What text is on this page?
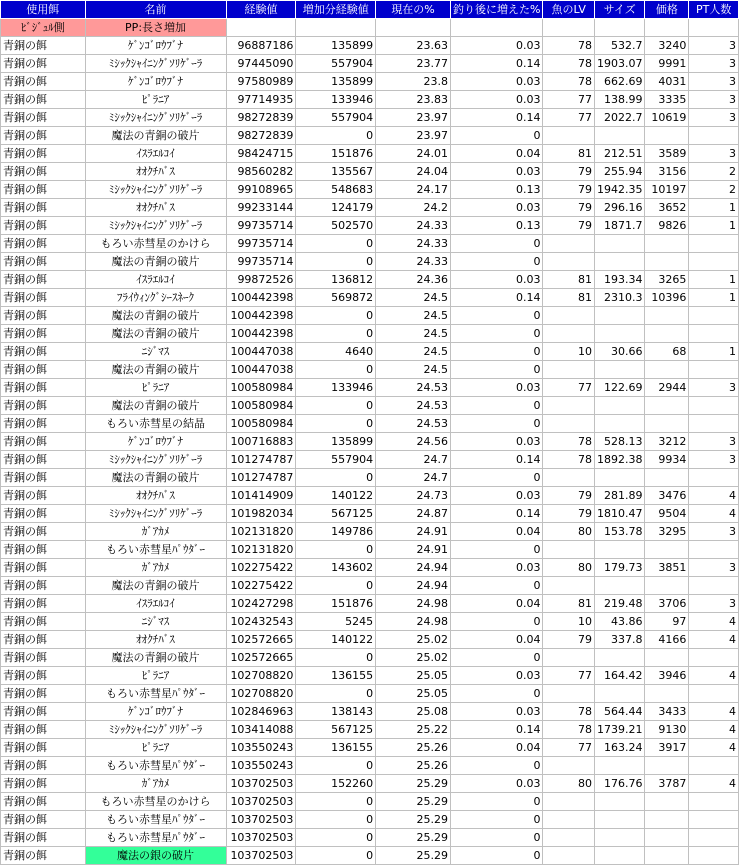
使用餌	名前	経験値	増加分経験値	現在の%	釣り後に増えた%	魚のLV	サイズ	価格	PT人数
ﾋﾞｼﾞｭﾙ側	PP:長さ増加								
青銅の餌	ｹﾞﾝｺﾞﾛｳﾌﾞﾅ	96887186	135899	23.63	0.03	78	532.7	3240	3
青銅の餌	ﾐｼｯｸｼｬｲﾆﾝｸﾞｿﾘｹﾞｰﾗ	97445090	557904	23.77	0.14	78	1903.07	9991	3
青銅の餌	ｹﾞﾝｺﾞﾛｳﾌﾞﾅ	97580989	135899	23.8	0.03	78	662.69	4031	3
青銅の餌	ﾋﾟﾗﾆｱ	97714935	133946	23.83	0.03	77	138.99	3335	3
青銅の餌	ﾐｼｯｸｼｬｲﾆﾝｸﾞｿﾘｹﾞｰﾗ	98272839	557904	23.97	0.14	77	2022.7	10619	3
青銅の餌	魔法の青銅の破片	98272839	0	23.97	0				
青銅の餌	ｲｽﾗｴﾙｺｲ	98424715	151876	24.01	0.04	81	212.51	3589	3
青銅の餌	ｵｵｸﾁﾊﾞｽ	98560282	135567	24.04	0.03	79	255.94	3156	2
青銅の餌	ﾐｼｯｸｼｬｲﾆﾝｸﾞｿﾘｹﾞｰﾗ	99108965	548683	24.17	0.13	79	1942.35	10197	2
青銅の餌	ｵｵｸﾁﾊﾞｽ	99233144	124179	24.2	0.03	79	296.16	3652	1
青銅の餌	ﾐｼｯｸｼｬｲﾆﾝｸﾞｿﾘｹﾞｰﾗ	99735714	502570	24.33	0.13	79	1871.7	9826	1
青銅の餌	もろい赤彗星のかけら	99735714	0	24.33	0				
青銅の餌	魔法の青銅の破片	99735714	0	24.33	0				
青銅の餌	ｲｽﾗｴﾙｺｲ	99872526	136812	24.36	0.03	81	193.34	3265	1
青銅の餌	ﾌﾗｲｳｨﾝｸﾞｼｰｽﾈｰｸ	100442398	569872	24.5	0.14	81	2310.3	10396	1
青銅の餌	魔法の青銅の破片	100442398	0	24.5	0				
青銅の餌	魔法の青銅の破片	100442398	0	24.5	0				
青銅の餌	ﾆｼﾞﾏｽ	100447038	4640	24.5	0	10	30.66	68	1
青銅の餌	魔法の青銅の破片	100447038	0	24.5	0				
青銅の餌	ﾋﾟﾗﾆｱ	100580984	133946	24.53	0.03	77	122.69	2944	3
青銅の餌	魔法の青銅の破片	100580984	0	24.53	0				
青銅の餌	もろい赤彗星の結晶	100580984	0	24.53	0				
青銅の餌	ｹﾞﾝｺﾞﾛｳﾌﾞﾅ	100716883	135899	24.56	0.03	78	528.13	3212	3
青銅の餌	ﾐｼｯｸｼｬｲﾆﾝｸﾞｿﾘｹﾞｰﾗ	101274787	557904	24.7	0.14	78	1892.38	9934	3
青銅の餌	魔法の青銅の破片	101274787	0	24.7	0				
青銅の餌	ｵｵｸﾁﾊﾞｽ	101414909	140122	24.73	0.03	79	281.89	3476	4
青銅の餌	ﾐｼｯｸｼｬｲﾆﾝｸﾞｿﾘｹﾞｰﾗ	101982034	567125	24.87	0.14	79	1810.47	9504	4
青銅の餌	ｶﾞｱｶﾒ	102131820	149786	24.91	0.04	80	153.78	3295	3
青銅の餌	もろい赤彗星ﾊﾟｳﾀﾞｰ	102131820	0	24.91	0				
青銅の餌	ｶﾞｱｶﾒ	102275422	143602	24.94	0.03	80	179.73	3851	3
青銅の餌	魔法の青銅の破片	102275422	0	24.94	0				
青銅の餌	ｲｽﾗｴﾙｺｲ	102427298	151876	24.98	0.04	81	219.48	3706	3
青銅の餌	ﾆｼﾞﾏｽ	102432543	5245	24.98	0	10	43.86	97	4
青銅の餌	ｵｵｸﾁﾊﾞｽ	102572665	140122	25.02	0.04	79	337.8	4166	4
青銅の餌	魔法の青銅の破片	102572665	0	25.02	0				
青銅の餌	ﾋﾟﾗﾆｱ	102708820	136155	25.05	0.03	77	164.42	3946	4
青銅の餌	もろい赤彗星ﾊﾟｳﾀﾞｰ	102708820	0	25.05	0				
青銅の餌	ｹﾞﾝｺﾞﾛｳﾌﾞﾅ	102846963	138143	25.08	0.03	78	564.44	3433	4
青銅の餌	ﾐｼｯｸｼｬｲﾆﾝｸﾞｿﾘｹﾞｰﾗ	103414088	567125	25.22	0.14	78	1739.21	9130	4
青銅の餌	ﾋﾟﾗﾆｱ	103550243	136155	25.26	0.04	77	163.24	3917	4
青銅の餌	もろい赤彗星ﾊﾟｳﾀﾞｰ	103550243	0	25.26	0				
青銅の餌	ｶﾞｱｶﾒ	103702503	152260	25.29	0.03	80	176.76	3787	4
青銅の餌	もろい赤彗星のかけら	103702503	0	25.29	0				
青銅の餌	もろい赤彗星ﾊﾟｳﾀﾞｰ	103702503	0	25.29	0				
青銅の餌	もろい赤彗星ﾊﾟｳﾀﾞｰ	103702503	0	25.29	0				
青銅の餌	魔法の銀の破片	103702503	0	25.29	0				
